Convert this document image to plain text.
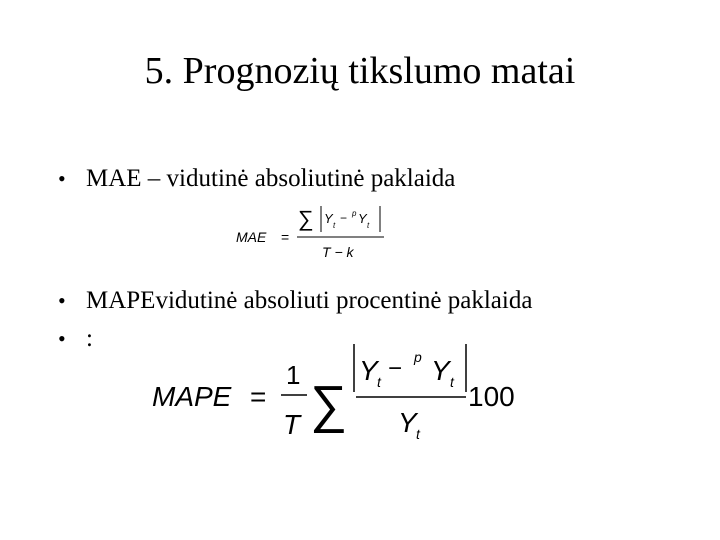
5. Prognozių tikslumo matai
• MAE – vidutinė absoliutinė paklaida
MAE =
∑ Y t
− p Y t
T − k
• MAPEvidutinė absoliuti procentinė paklaida
• :
MAPE =
1
T ∑
Y t − p Y t
Y t
100
